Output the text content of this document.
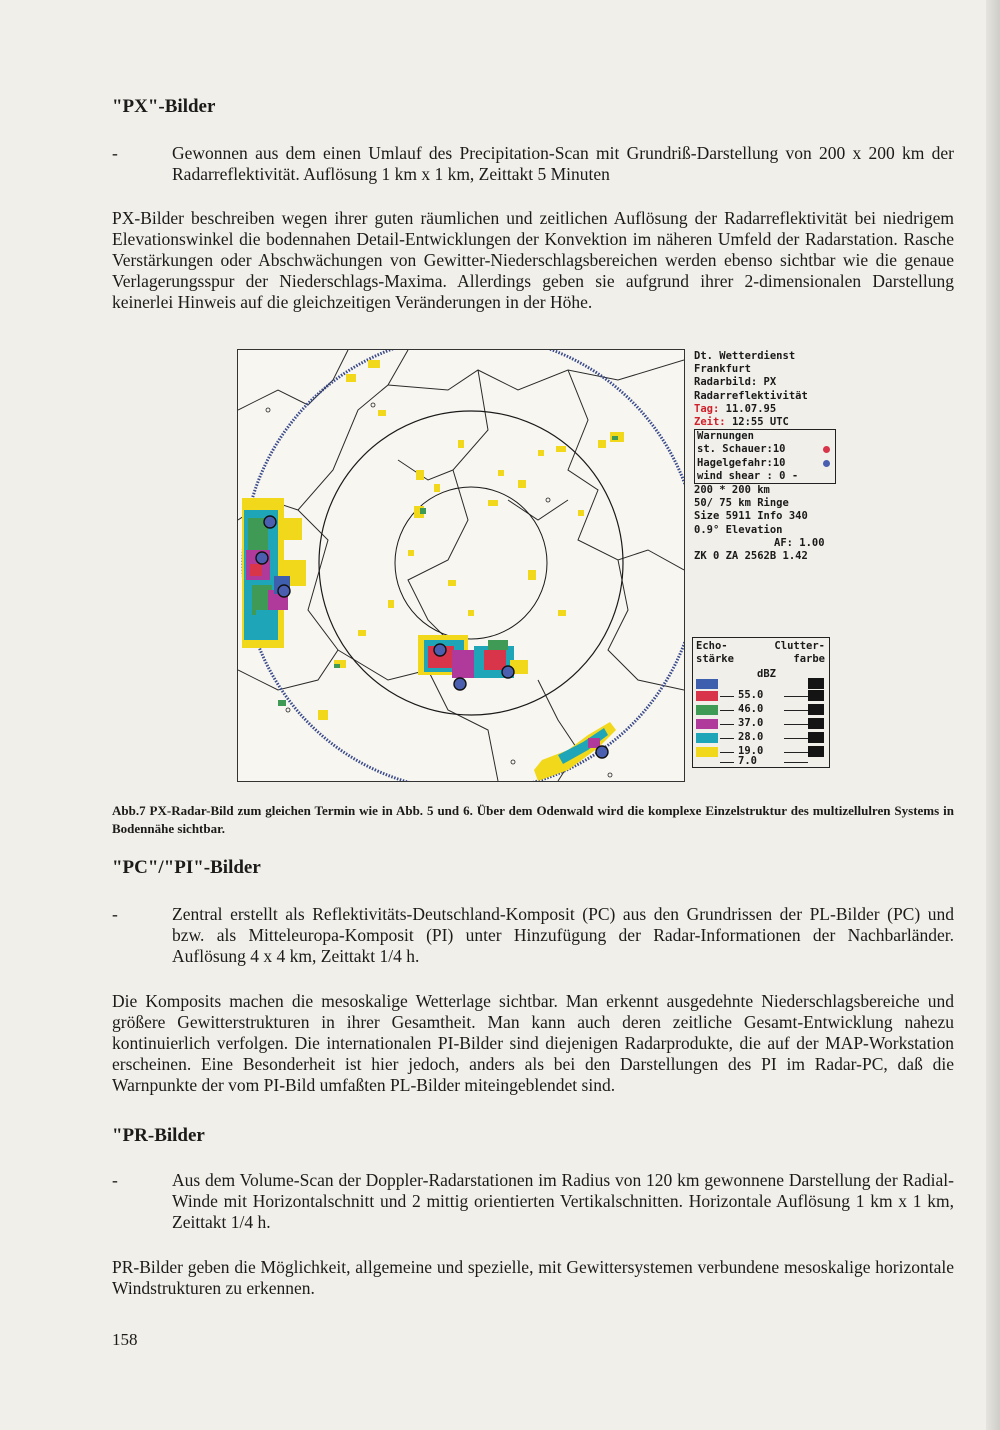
"PX"-Bilder
-	Gewonnen aus dem einen Umlauf des Precipitation-Scan mit Grundriß-Darstellung von 200 x 200 km der Radarreflektivität. Auflösung 1 km x 1 km, Zeittakt 5 Minuten
PX-Bilder beschreiben wegen ihrer guten räumlichen und zeitlichen Auflösung der Radarreflektivität bei niedrigem Elevationswinkel die bodennahen Detail-Entwicklungen der Konvektion im näheren Umfeld der Radarstation. Rasche Verstärkungen oder Abschwächungen von Gewitter-Niederschlagsbereichen werden ebenso sichtbar wie die genaue Verlagerungsspur der Niederschlags-Maxima. Allerdings geben sie aufgrund ihrer 2-dimensionalen Darstellung keinerlei Hinweis auf die gleichzeitigen Veränderungen in der Höhe.
Dt. Wetterdienst
Frankfurt
Radarbild: PX
Radarreflektivität
Tag: 11.07.95
Zeit: 12:55 UTC
Warnungen
st. Schauer:10
Hagelgefahr:10
wind shear : 0 -
200 * 200 km
50/ 75 km Ringe
Size 5911 Info 340
0.9° Elevation
AF: 1.00
ZK 0 ZA 2562B 1.42
Echo-
stärke
Clutter-
farbe
dBZ
55.0
46.0
37.0
28.0
19.0
7.0
Abb.7 PX-Radar-Bild zum gleichen Termin wie in Abb. 5 und 6. Über dem Odenwald wird die komplexe Einzelstruktur des multizellulren Systems in Bodennähe sichtbar.
"PC"/"PI"-Bilder
-	Zentral erstellt als Reflektivitäts-Deutschland-Komposit (PC) aus den Grundrissen der PL-Bilder (PC) und bzw. als Mitteleuropa-Komposit (PI) unter Hinzufügung der Radar-Informationen der Nachbarländer. Auflösung 4 x 4 km, Zeittakt 1/4 h.
Die Komposits machen die mesoskalige Wetterlage sichtbar. Man erkennt ausgedehnte Niederschlagsbereiche und größere Gewitterstrukturen in ihrer Gesamtheit. Man kann auch deren zeitliche Gesamt-Entwicklung nahezu kontinuierlich verfolgen. Die internationalen PI-Bilder sind diejenigen Radarprodukte, die auf der MAP-Workstation erscheinen. Eine Besonderheit ist hier jedoch, anders als bei den Darstellungen des PI im Radar-PC, daß die Warnpunkte der vom PI-Bild umfaßten PL-Bilder miteingeblendet sind.
"PR-Bilder
-	Aus dem Volume-Scan der Doppler-Radarstationen im Radius von 120 km gewonnene Darstellung der Radial-Winde mit Horizontalschnitt und 2 mittig orientierten Vertikalschnitten. Horizontale Auflösung 1 km x 1 km, Zeittakt 1/4 h.
PR-Bilder geben die Möglichkeit, allgemeine und spezielle, mit Gewittersystemen verbundene mesoskalige horizontale Windstrukturen zu erkennen.
158
